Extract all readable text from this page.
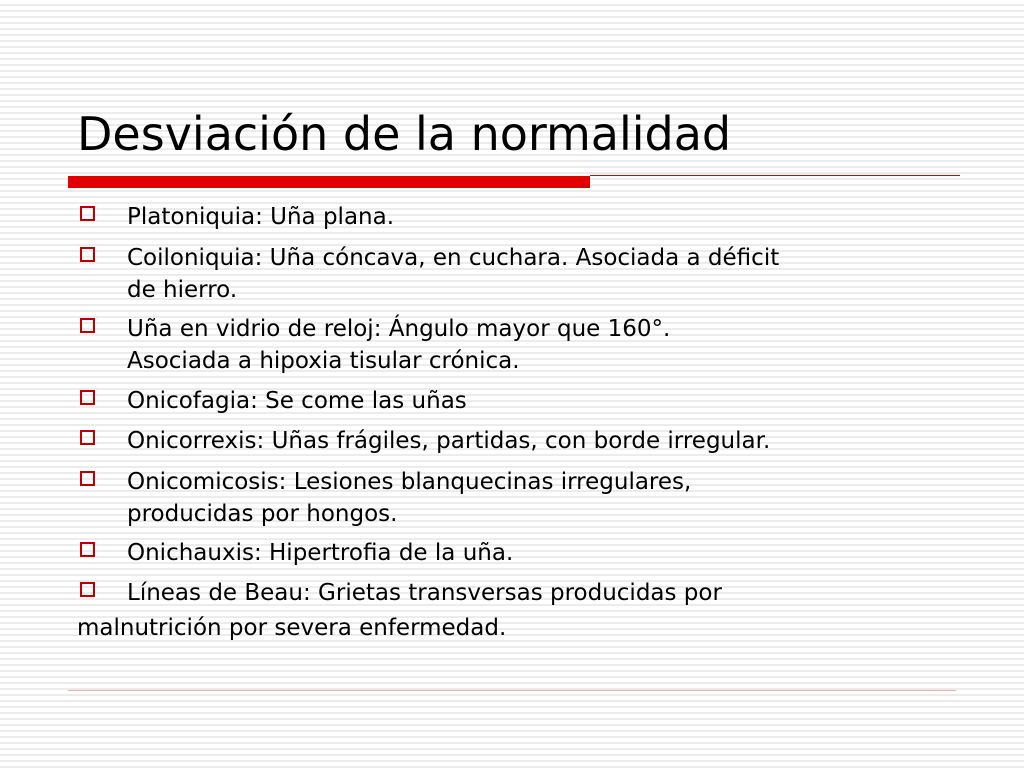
Desviación de la normalidad
Platoniquia: Uña plana.
Coiloniquia: Uña cóncava, en cuchara. Asociada a déficit
de hierro.
Uña en vidrio de reloj: Ángulo mayor que 160°.
Asociada a hipoxia tisular crónica.
Onicofagia: Se come las uñas
Onicorrexis: Uñas frágiles, partidas, con borde irregular.
Onicomicosis: Lesiones blanquecinas irregulares,
producidas por hongos.
Onichauxis: Hipertrofia de la uña.
Líneas de Beau: Grietas transversas producidas por
malnutrición por severa enfermedad.
